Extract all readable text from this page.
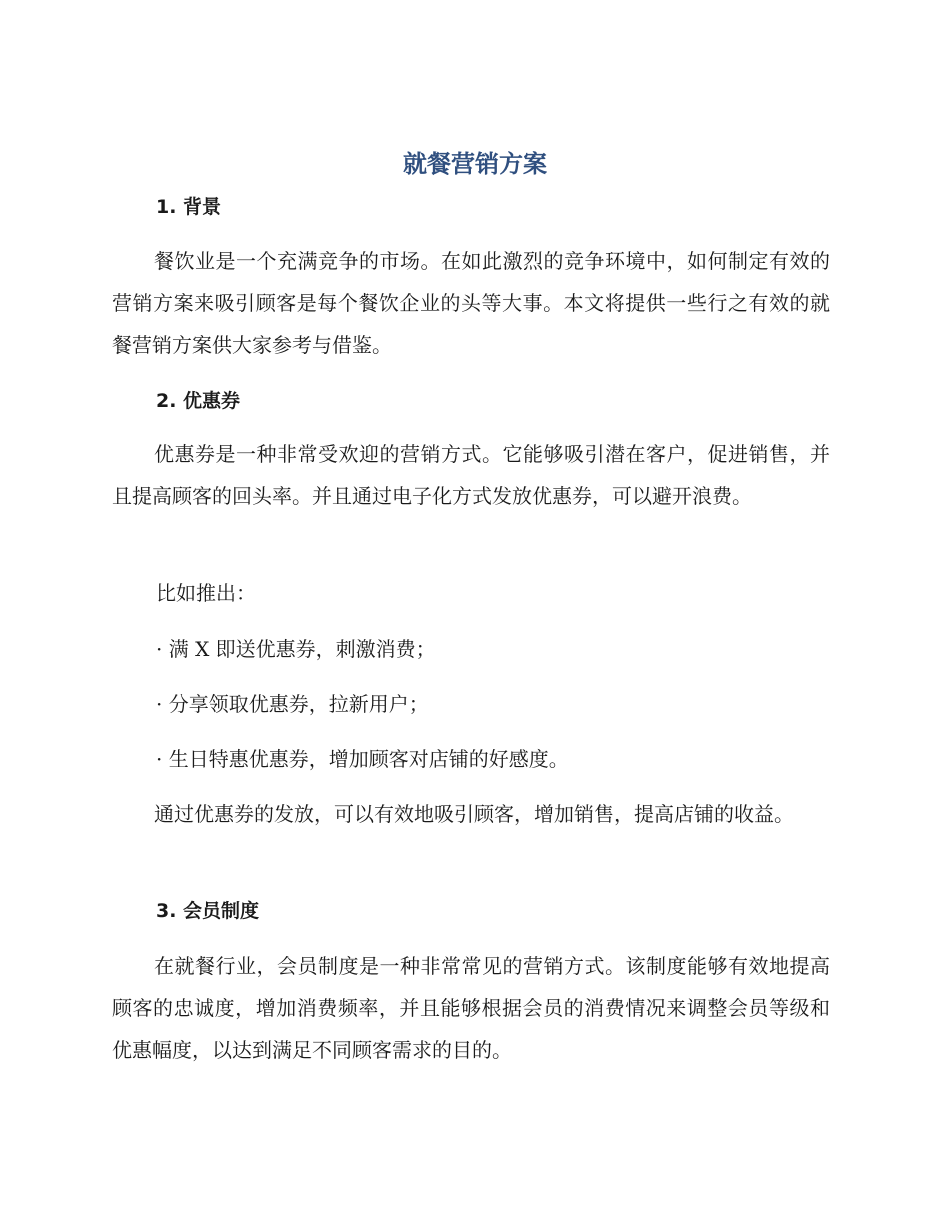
就餐营销方案
1. 背景

餐饮业是一个充满竞争的市场。在如此激烈的竞争环境中，如何制定有效的营销方案来吸引顾客是每个餐饮企业的头等大事。本文将提供一些行之有效的就餐营销方案供大家参考与借鉴。

2. 优惠券

优惠券是一种非常受欢迎的营销方式。它能够吸引潜在客户，促进销售，并且提高顾客的回头率。并且通过电子化方式发放优惠券，可以避开浪费。

比如推出：

· 满 X 即送优惠券，刺激消费；

· 分享领取优惠券，拉新用户；

· 生日特惠优惠券，增加顾客对店铺的好感度。

通过优惠券的发放，可以有效地吸引顾客，增加销售，提高店铺的收益。

3. 会员制度

在就餐行业，会员制度是一种非常常见的营销方式。该制度能够有效地提高顾客的忠诚度，增加消费频率，并且能够根据会员的消费情况来调整会员等级和优惠幅度，以达到满足不同顾客需求的目的。
